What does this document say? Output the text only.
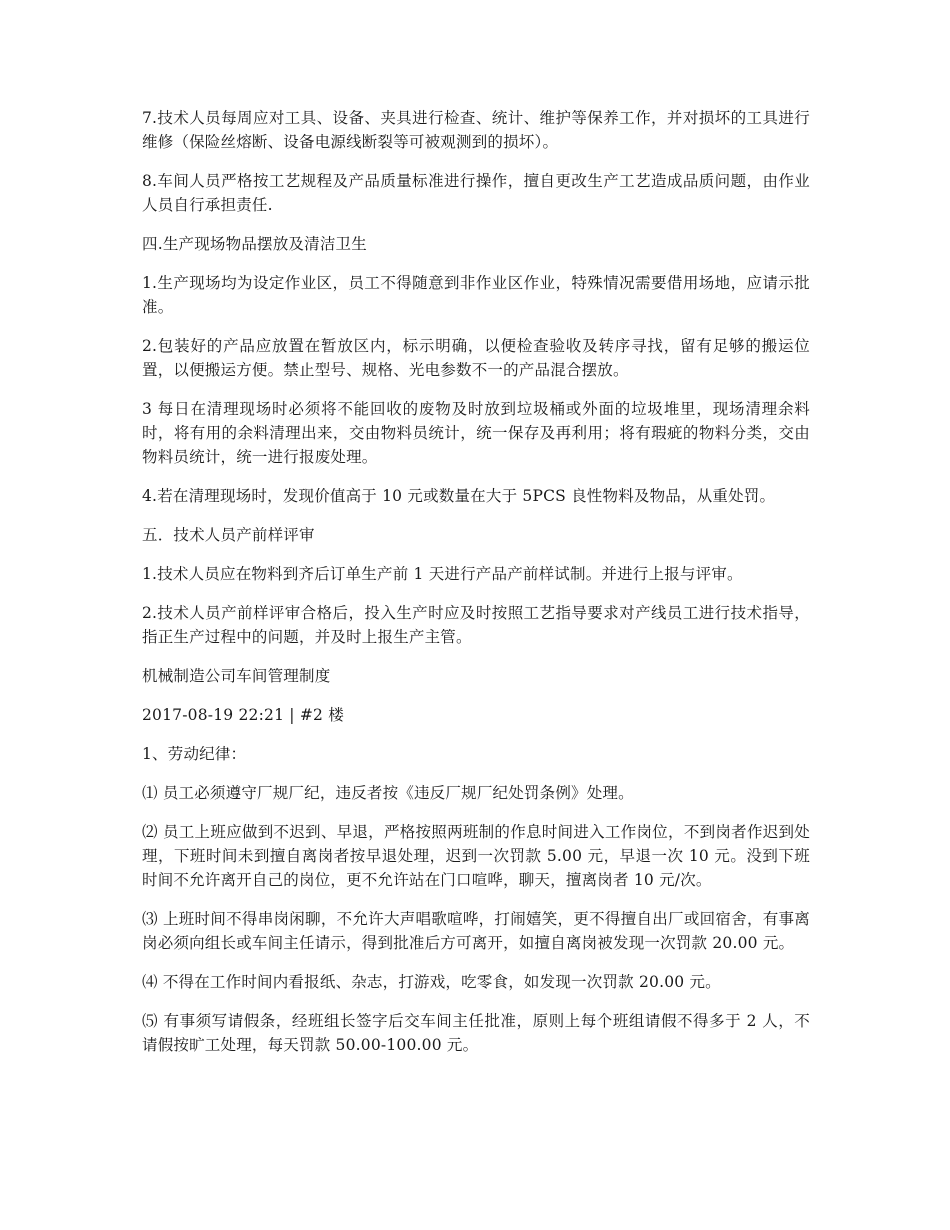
7.技术人员每周应对工具、设备、夹具进行检查、统计、维护等保养工作，并对损坏的工具进行维修（保险丝熔断、设备电源线断裂等可被观测到的损坏）。

8.车间人员严格按工艺规程及产品质量标准进行操作，擅自更改生产工艺造成品质问题，由作业人员自行承担责任.

四.生产现场物品摆放及清洁卫生

1.生产现场均为设定作业区，员工不得随意到非作业区作业，特殊情况需要借用场地，应请示批准。

2.包装好的产品应放置在暂放区内，标示明确，以便检查验收及转序寻找，留有足够的搬运位置，以便搬运方便。禁止型号、规格、光电参数不一的产品混合摆放。

3 每日在清理现场时必须将不能回收的废物及时放到垃圾桶或外面的垃圾堆里，现场清理余料时，将有用的余料清理出来，交由物料员统计，统一保存及再利用；将有瑕疵的物料分类，交由物料员统计，统一进行报废处理。

4.若在清理现场时，发现价值高于 10 元或数量在大于 5PCS 良性物料及物品，从重处罚。

五．技术人员产前样评审

1.技术人员应在物料到齐后订单生产前 1 天进行产品产前样试制。并进行上报与评审。

2.技术人员产前样评审合格后，投入生产时应及时按照工艺指导要求对产线员工进行技术指导，指正生产过程中的问题，并及时上报生产主管。

机械制造公司车间管理制度

2017-08-19 22:21 | #2 楼

1、劳动纪律：

⑴ 员工必须遵守厂规厂纪，违反者按《违反厂规厂纪处罚条例》处理。

⑵ 员工上班应做到不迟到、早退，严格按照两班制的作息时间进入工作岗位，不到岗者作迟到处理，下班时间未到擅自离岗者按早退处理，迟到一次罚款 5.00 元，早退一次 10 元。没到下班时间不允许离开自己的岗位，更不允许站在门口喧哗，聊天，擅离岗者 10 元/次。

⑶ 上班时间不得串岗闲聊，不允许大声唱歌喧哗，打闹嬉笑，更不得擅自出厂或回宿舍，有事离岗必须向组长或车间主任请示，得到批准后方可离开，如擅自离岗被发现一次罚款 20.00 元。

⑷ 不得在工作时间内看报纸、杂志，打游戏，吃零食，如发现一次罚款 20.00 元。

⑸ 有事须写请假条，经班组长签字后交车间主任批准，原则上每个班组请假不得多于 2 人，不请假按旷工处理，每天罚款 50.00-100.00 元。
